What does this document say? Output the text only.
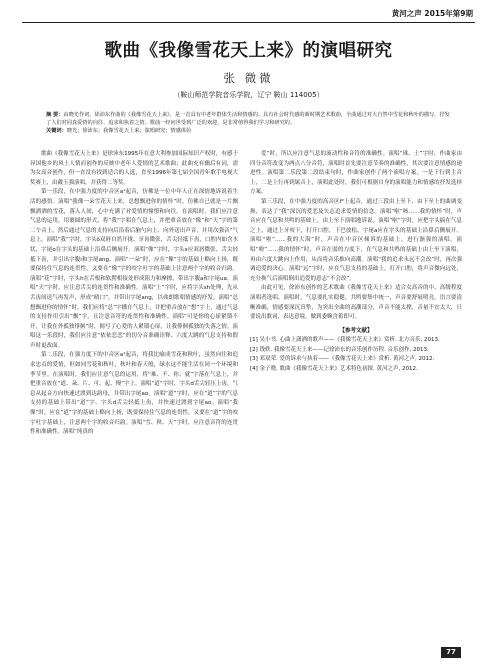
黄河之声 2015年第9期
歌曲《我像雪花天上来》的演唱研究
张 微微
（鞍山师范学院音乐学院，辽宁 鞍山 114005）
摘 要：由晓光作词、徐沛东作曲的《我像雪花天上来》，是一首具有中老年群体生活和情感的、具有社会时代感的新时期艺术歌曲，全曲通过对大自然中雪花和秋叶的描写，抒发了人们对同真爱情的向往、追求和执着之情。歌曲一经问世受到广泛的欢迎，是非常值得我们学习和研究的。
关键词：晓光；徐沛东；我像雪花天上来；演唱研究；情感体验

歌曲《我像雪花天上来》是徐沛东1995年在意大利参加国际知识产权时，有感于异国他乡的风土人情而创作的反映中老年人爱情的艺术歌曲；此曲充有幽后有词，需为女高音创作，但一直没有找到适合的人选，直至1996年第七届全国青年歌手电视大奖赛上，由戴玉强演唱，并获得二等奖。

第一乐段，在中强力度的中音区a¹起音，仿佛是一位中年人正在深情地诉说着生活的感悟。演唱“我像一朵雪花天上来，总想飘进你的情怀”时，仿佛自己就是一片飘飘洒洒的雪花，落入人间，心中充满了对爱情的憧憬和向往。在演唱时，我们应注意气息的运用，用裹圆的形式，将“我”字唱在气息上，并把重音放在“像”和“天”字的第二个音上，然后通过气息的支持向后沿着后脑勺向上、向外送出声音，并用次强音“气息上，演唱“我”字时，字头ǒ双唇自然开拢、牙齿微张、舌尖轻抵下齿，口腔内如含水状，字尾o在字头的基础上沿鼻后侧展开。演唱“像”字时，字头x应双唇微张、舌尖轻抵下齿，并引出字腹i和字尾ang。演唱“一朵”时，应在“像”字的基础上略向上扬，既要保持住气息的连贯性，又要在“像”字的咬字吐字的基础上注意两个字的收音归韵。演唱“花”字时，字头h在舌根和软腭相接处形成阻力和摩擦，带出字腹a和字尾ua。演唱“天”字时，应注意舌尖的连贯性和准确性。演唱“上”字时，应将字头sh处理，先从舌齿间送气再发声，形成“晴口”，并带出字尾ang，以弗朗歌唱情感的抒发。演唱“总想飘进你的情怀”时，我们应将“总”字播在气息上，并把重音放在“想”字上，通过气息的支持作用引出“飘”字，且注意音符的连贯性和准确性。演唱“可是你的心扉紧锁不开，让我在外孤独徘徊”时，揭写了心爱的人紧锁心扉，让我徘徊孤独的失落之情。演唱这一乐段时，我们应注意“依依恋恋”的切分音准确诠释、六度大跳的气息支持和假声时更改面。

第二乐段，在强力度下的中音区a¹起音，将我比喻成雪花和秋叶，虽然向往和追求忠贞的爱情，但如同雪花和秋叶，秋叶和春天般，绿水这不能生活在同一个环境和季节里。在演唱时，我们应注意气息的运用，将“难、不、你、就”字落在气息上，并把重音放在“道、朵、片、可、起、慢”字上。演唱“道”字时，字头d舌尖轻压上齿，气息从起音方向快速过渡到达韵母，并带出字尾ao。演唱“道”字时，应在“道”字的气息支持的基础上带出“道”字，字头d舌尖轻抵上齿，并快速过渡到字尾ao。演唱“我像”时，应在“道”字的基础上略向上扬，既要保持住气息的连贯性，又要在“道”字的咬字吐字基础上，注意两个字的收音归韵。演唱“雪、秋、天”字时，应注意音符的连贯性和准确性。演唱“纯真的

爱”时，所以应注意气息的流动性和音符的准确性。演唱“珠、土”字时，作曲家由四分音符改变为两点八分音符，演唱时首先要注意节奏的准确性，其次要注意情感的递进性。演唱第二乐段第二段结束句时，作曲家创作了两个演唱方案，一是下行到主音上，二是上行再到属音上，演唱此处时，我们可根据自身的演唱能力和情感的抒发选择方案。

第三乐段，在中强力度的高音区f²上起音，通过三段由上至下、由下至上的曲调变换，表达了“我”深沉的爱恋及矢志追求爱情的信念。演唱“啦”咳……我的情怀”时，声音应在气息和共鸣的基础上，由上至下演唱地诉说。演唱“啦”字时，应把字头搞在气息之上，通过上牙咬下，打开口腔，下巴放松，字尾a应在字头的基础上沿鼻后侧展开。演唱“啦”……我的大海”时，声音在中音区倾诉的基础上，进行渐强的演唱。演唱“啦”……我的情怀”时，声音在弱的力度下，在气息和共鸣的基础上由上至下演唱，再由六度大跳向上作用，从而将音乐推向高潮。演唱“我的追求永远不会改”时，再次强调追爱的决心。演唱“远”字时，应在气息支持的基础上，打开口腔，将声音微向远处，充分换气后演唱倒出追爱的意志“不会改”。

由此可见，徐沛东创作的艺术歌曲《我像雪花天上来》适合女高音的中、高级程度演唱者选唱。演唱时，气息要扎实稳健，共鸣要集中统一，声音要舒展明亮，语言要清晰准确，情感要深沉真挚，为突出全曲的高潮部分，声音不能太撑，音量不宜太大，只要说出歌词，表达意境，做到委婉含蓄即可。

【参考文献】

[1] 吴小书. 心曲上潇洒的歌声——《我像雪花天上来》赏析. 北方音乐, 2013.

[2] 钱轶. 我像雪花天上来——记徐沛东的音乐创作历程. 音乐创作, 2013.

[3] 邓双荣. 爱的诉求与执着——《我像雪花天上来》赏析. 黄河之声, 2012.

[4] 金子晓. 歌曲《我像雪花天上来》艺术特色初探. 黄河之声, 2012.

77
